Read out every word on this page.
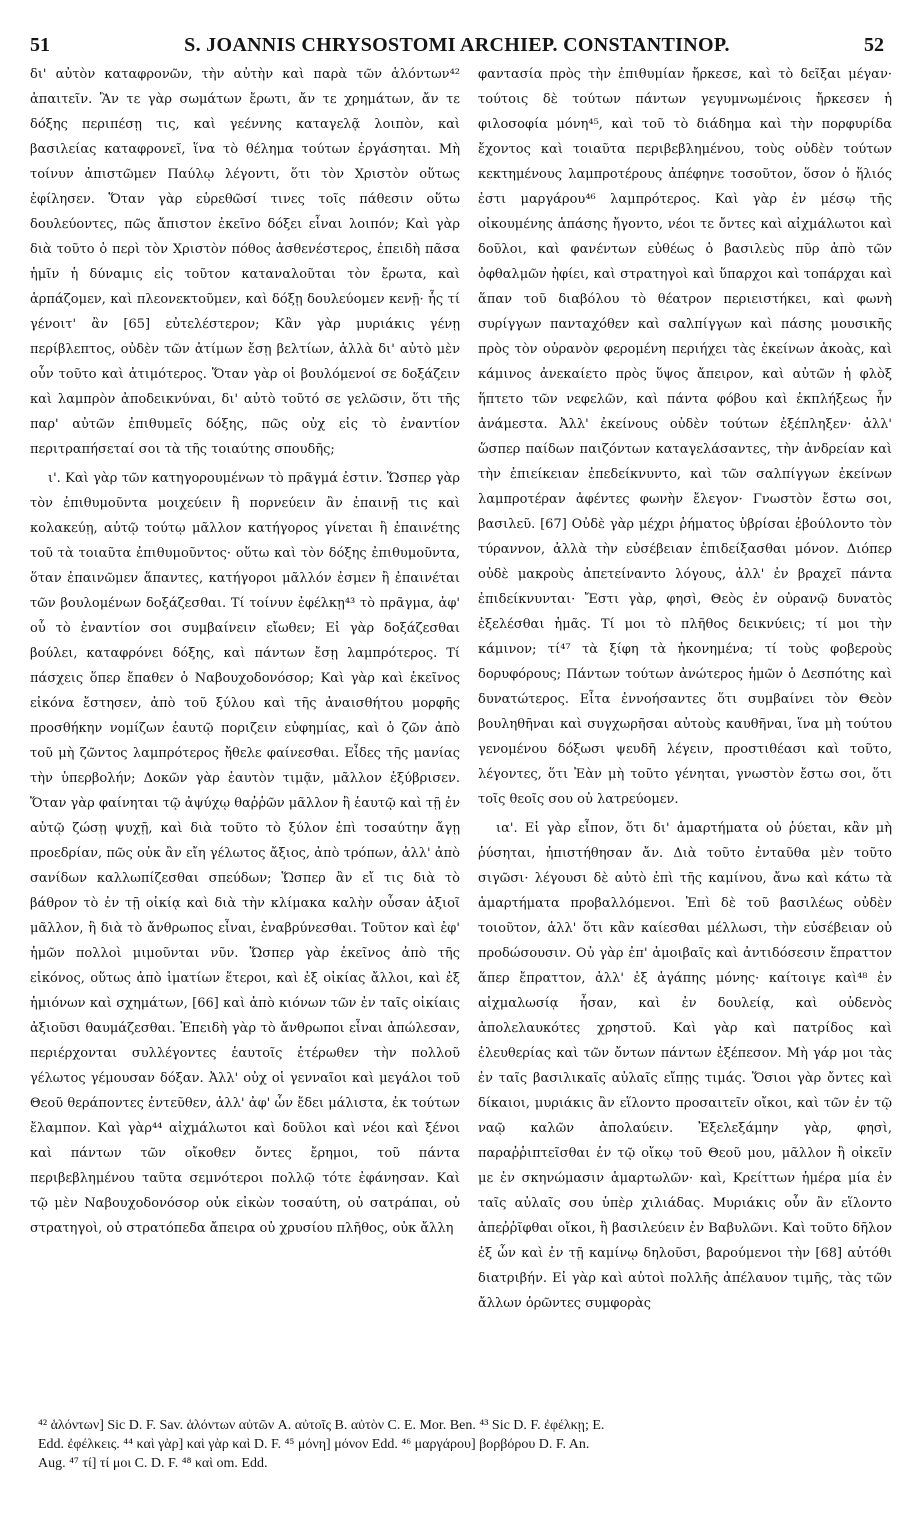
51	S. JOANNIS CHRYSOSTOMI ARCHIEP. CONSTANTINOP.	52

δι' αὐτὸν καταφρονῶν, τὴν αὐτὴν καὶ παρὰ τῶν ἁλόντων⁴² ἀπαιτεῖν. Ἂν τε γὰρ σωμάτων ἔρωτι, ἄν τε χρημάτων, ἄν τε δόξης περιπέσῃ τις, καὶ γεέννης καταγελᾷ λοιπὸν, καὶ βασιλείας καταφρονεῖ, ἵνα τὸ θέλημα τούτων ἐργάσηται. Μὴ τοίνυν ἀπιστῶμεν Παύλῳ λέγοντι, ὅτι τὸν Χριστὸν οὕτως ἐφίλησεν. Ὅταν γὰρ εὑρεθῶσί τινες τοῖς πάθεσιν οὕτω δουλεύοντες, πῶς ἄπιστον ἐκεῖνο δόξει εἶναι λοιπόν; Καὶ γὰρ διὰ τοῦτο ὁ περὶ τὸν Χριστὸν πόθος ἀσθενέστερος, ἐπειδὴ πᾶσα ἡμῖν ἡ δύναμις εἰς τοῦτον καταναλοῦται τὸν ἔρωτα, καὶ ἁρπάζομεν, καὶ πλεονεκτοῦμεν, καὶ δόξῃ δουλεύομεν κενῇ· ἧς τί γένοιτ' ἂν [65] εὐτελέστερον; Κἂν γὰρ μυριάκις γένῃ περίβλεπτος, οὐδὲν τῶν ἀτίμων ἔσῃ βελτίων, ἀλλὰ δι' αὐτὸ μὲν οὖν τοῦτο καὶ ἀτιμότερος. Ὅταν γὰρ οἱ βουλόμενοί σε δοξάζειν καὶ λαμπρὸν ἀποδεικνύναι, δι' αὐτὸ τοῦτό σε γελῶσιν, ὅτι τῆς παρ' αὐτῶν ἐπιθυμεῖς δόξης, πῶς οὐχ εἰς τὸ ἐναντίον περιτραπήσεταί σοι τὰ τῆς τοιαύτης σπουδῆς;

ι'. Καὶ γὰρ τῶν κατηγορουμένων τὸ πρᾶγμά ἐστιν. Ὥσπερ γὰρ τὸν ἐπιθυμοῦντα μοιχεύειν ἢ πορνεύειν ἂν ἐπαινῇ τις καὶ κολακεύῃ, αὐτῷ τούτῳ μᾶλλον κατήγορος γίνεται ἢ ἐπαινέτης τοῦ τὰ τοιαῦτα ἐπιθυμοῦντος· οὕτω καὶ τὸν δόξης ἐπιθυμοῦντα, ὅταν ἐπαινῶμεν ἅπαντες, κατήγοροι μᾶλλόν ἐσμεν ἢ ἐπαινέται τῶν βουλομένων δοξάζεσθαι. Τί τοίνυν ἐφέλκῃ⁴³ τὸ πρᾶγμα, ἀφ' οὗ τὸ ἐναντίον σοι συμβαίνειν εἴωθεν; Εἰ γὰρ δοξάζεσθαι βούλει, καταφρόνει δόξης, καὶ πάντων ἔσῃ λαμπρότερος. Τί πάσχεις ὅπερ ἔπαθεν ὁ Ναβουχοδονόσορ; Καὶ γὰρ καὶ ἐκεῖνος εἰκόνα ἔστησεν, ἀπὸ τοῦ ξύλου καὶ τῆς ἀναισθήτου μορφῆς προσθήκην νομίζων ἑαυτῷ ποριζειν εὐφημίας, καὶ ὁ ζῶν ἀπὸ τοῦ μὴ ζῶντος λαμπρότερος ἤθελε φαίνεσθαι. Εἶδες τῆς μανίας τὴν ὑπερβολήν; Δοκῶν γὰρ ἑαυτὸν τιμᾷν, μᾶλλον ἐξύβρισεν. Ὅταν γὰρ φαίνηται τῷ ἀψύχῳ θαῤῥῶν μᾶλλον ἢ ἑαυτῷ καὶ τῇ ἐν αὐτῷ ζώσῃ ψυχῇ, καὶ διὰ τοῦτο τὸ ξύλον ἐπὶ τοσαύτην ἄγῃ προεδρίαν, πῶς οὐκ ἂν εἴη γέλωτος ἄξιος, ἀπὸ τρόπων, ἀλλ' ἀπὸ σανίδων καλλωπίζεσθαι σπεύδων; Ὥσπερ ἂν εἴ τις διὰ τὸ βάθρον τὸ ἐν τῇ οἰκίᾳ καὶ διὰ τὴν κλίμακα καλὴν οὖσαν ἀξιοῖ μᾶλλον, ἢ διὰ τὸ ἄνθρωπος εἶναι, ἐναβρύνεσθαι. Τοῦτον καὶ ἐφ' ἡμῶν πολλοὶ μιμοῦνται νῦν. Ὥσπερ γὰρ ἐκεῖνος ἀπὸ τῆς εἰκόνος, οὕτως ἀπὸ ἱματίων ἕτεροι, καὶ ἐξ οἰκίας ἄλλοι, καὶ ἐξ ἡμιόνων καὶ σχημάτων, [66] καὶ ἀπὸ κιόνων τῶν ἐν ταῖς οἰκίαις ἀξιοῦσι θαυμάζεσθαι. Ἐπειδὴ γὰρ τὸ ἄνθρωποι εἶναι ἀπώλεσαν, περιέρχονται συλλέγοντες ἑαυτοῖς ἑτέρωθεν τὴν πολλοῦ γέλωτος γέμουσαν δόξαν. Ἀλλ' οὐχ οἱ γενναῖοι καὶ μεγάλοι τοῦ Θεοῦ θεράποντες ἐντεῦθεν, ἀλλ' ἀφ' ὧν ἔδει μάλιστα, ἐκ τούτων ἔλαμπον. Καὶ γὰρ⁴⁴ αἰχμάλωτοι καὶ δοῦλοι καὶ νέοι καὶ ξένοι καὶ πάντων τῶν οἴκοθεν ὄντες ἔρημοι, τοῦ πάντα περιβεβλημένου ταῦτα σεμνότεροι πολλῷ τότε ἐφάνησαν. Καὶ τῷ μὲν Ναβουχοδονόσορ οὐκ εἰκὼν τοσαύτη, οὐ σατράπαι, οὐ στρατηγοὶ, οὐ στρατόπεδα ἄπειρα οὐ χρυσίου πλῆθος, οὐκ ἄλλη

φαντασία πρὸς τὴν ἐπιθυμίαν ἤρκεσε, καὶ τὸ δεῖξαι μέγαν· τούτοις δὲ τούτων πάντων γεγυμνωμένοις ἤρκεσεν ἡ φιλοσοφία μόνη⁴⁵, καὶ τοῦ τὸ διάδημα καὶ τὴν πορφυρίδα ἔχοντος καὶ τοιαῦτα περιβεβλημένου, τοὺς οὐδὲν τούτων κεκτημένους λαμπροτέρους ἀπέφηνε τοσοῦτον, ὅσον ὁ ἥλιός ἐστι μαργάρου⁴⁶ λαμπρότερος. Καὶ γὰρ ἐν μέσῳ τῆς οἰκουμένης ἁπάσης ἤγοντο, νέοι τε ὄντες καὶ αἰχμάλωτοι καὶ δοῦλοι, καὶ φανέντων εὐθέως ὁ βασιλεὺς πῦρ ἀπὸ τῶν ὀφθαλμῶν ἠφίει, καὶ στρατηγοὶ καὶ ὕπαρχοι καὶ τοπάρχαι καὶ ἅπαν τοῦ διαβόλου τὸ θέατρον περιειστήκει, καὶ φωνὴ συρίγγων πανταχόθεν καὶ σαλπίγγων καὶ πάσης μουσικῆς πρὸς τὸν οὐρανὸν φερομένη περιήχει τὰς ἐκείνων ἀκοὰς, καὶ κάμινος ἀνεκαίετο πρὸς ὕψος ἄπειρον, καὶ αὐτῶν ἡ φλὸξ ἥπτετο τῶν νεφελῶν, καὶ πάντα φόβου καὶ ἐκπλήξεως ἦν ἀνάμεστα. Ἀλλ' ἐκείνους οὐδὲν τούτων ἐξέπληξεν· ἀλλ' ὥσπερ παίδων παιζόντων καταγελάσαντες, τὴν ἀνδρείαν καὶ τὴν ἐπιείκειαν ἐπεδείκνυντο, καὶ τῶν σαλπίγγων ἐκείνων λαμπροτέραν ἀφέντες φωνὴν ἔλεγον· Γνωστὸν ἔστω σοι, βασιλεῦ. [67] Οὐδὲ γὰρ μέχρι ῥήματος ὑβρίσαι ἐβούλοντο τὸν τύραννον, ἀλλὰ τὴν εὐσέβειαν ἐπιδείξασθαι μόνον. Διόπερ οὐδὲ μακροὺς ἀπετείναντο λόγους, ἀλλ' ἐν βραχεῖ πάντα ἐπιδείκνυνται· Ἔστι γὰρ, φησὶ, Θεὸς ἐν οὐρανῷ δυνατὸς ἐξελέσθαι ἡμᾶς. Τί μοι τὸ πλῆθος δεικνύεις; τί μοι τὴν κάμινον; τί⁴⁷ τὰ ξίφη τὰ ἠκονημένα; τί τοὺς φοβεροὺς δορυφόρους; Πάντων τούτων ἀνώτερος ἡμῶν ὁ Δεσπότης καὶ δυνατώτερος. Εἶτα ἐννοήσαντες ὅτι συμβαίνει τὸν Θεὸν βουληθῆναι καὶ συγχωρῆσαι αὐτοὺς καυθῆναι, ἵνα μὴ τούτου γενομένου δόξωσι ψευδῆ λέγειν, προστιθέασι καὶ τοῦτο, λέγοντες, ὅτι Ἐὰν μὴ τοῦτο γένηται, γνωστὸν ἔστω σοι, ὅτι τοῖς θεοῖς σου οὐ λατρεύομεν.

ια'. Εἰ γὰρ εἶπον, ὅτι δι' ἁμαρτήματα οὐ ῥύεται, κἂν μὴ ῥύσηται, ἠπιστήθησαν ἄν. Διὰ τοῦτο ἐνταῦθα μὲν τοῦτο σιγῶσι· λέγουσι δὲ αὐτὸ ἐπὶ τῆς καμίνου, ἄνω καὶ κάτω τὰ ἁμαρτήματα προβαλλόμενοι. Ἐπὶ δὲ τοῦ βασιλέως οὐδὲν τοιοῦτον, ἀλλ' ὅτι κἂν καίεσθαι μέλλωσι, τὴν εὐσέβειαν οὐ προδώσουσιν. Οὐ γὰρ ἐπ' ἀμοιβαῖς καὶ ἀντιδόσεσιν ἔπραττον ἅπερ ἔπραττον, ἀλλ' ἐξ ἀγάπης μόνης· καίτοιγε καὶ⁴⁸ ἐν αἰχμαλωσίᾳ ἦσαν, καὶ ἐν δουλείᾳ, καὶ οὐδενὸς ἀπολελαυκότες χρηστοῦ. Καὶ γὰρ καὶ πατρίδος καὶ ἐλευθερίας καὶ τῶν ὄντων πάντων ἐξέπεσον. Μὴ γάρ μοι τὰς ἐν ταῖς βασιλικαῖς αὐλαῖς εἴπῃς τιμάς. Ὅσιοι γὰρ ὄντες καὶ δίκαιοι, μυριάκις ἂν εἵλοντο προσαιτεῖν οἴκοι, καὶ τῶν ἐν τῷ ναῷ καλῶν ἀπολαύειν. Ἐξελεξάμην γὰρ, φησὶ, παραῤῥιπτεῖσθαι ἐν τῷ οἴκῳ τοῦ Θεοῦ μου, μᾶλλον ἢ οἰκεῖν με ἐν σκηνώμασιν ἁμαρτωλῶν· καὶ, Κρείττων ἡμέρα μία ἐν ταῖς αὐλαῖς σου ὑπὲρ χιλιάδας. Μυριάκις οὖν ἂν εἵλοντο ἀπεῤῥῖφθαι οἴκοι, ἢ βασιλεύειν ἐν Βαβυλῶνι. Καὶ τοῦτο δῆλον ἐξ ὧν καὶ ἐν τῇ καμίνῳ δηλοῦσι, βαρούμενοι τὴν [68] αὐτόθι διατριβήν. Εἰ γὰρ καὶ αὐτοὶ πολλῆς ἀπέλαυον τιμῆς, τὰς τῶν ἄλλων ὁρῶντες συμφορὰς

⁴² ἁλόντων] Sic D. F. Sav. ἁλόντων αὐτῶν A. αὐτοῖς B. αὐτὸν C. E. Mor. Ben. ⁴³ Sic D. F. ἐφέλκῃ; E.

Edd. ἐφέλκεις. ⁴⁴ καὶ γὰρ] καὶ γὰρ καὶ D. F. ⁴⁵ μόνη] μόνον Edd. ⁴⁶ μαργάρου] βορβόρου D. F. An.

Aug. ⁴⁷ τί] τί μοι C. D. F. ⁴⁸ καὶ om. Edd.
